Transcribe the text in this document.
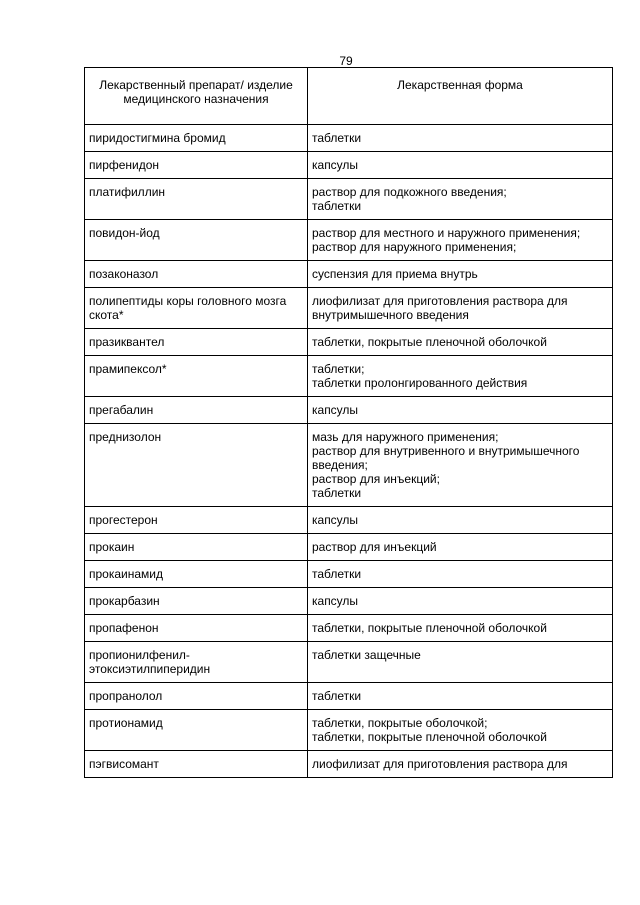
79
Лекарственный препарат/ изделие медицинского назначения	Лекарственная форма
пиридостигмина бромид	таблетки

пирфенидон	капсулы

платифиллин	раствор для подкожного введения;
таблетки

повидон-йод	раствор для местного и наружного применения;
раствор для наружного применения;

позаконазол	суспензия для приема внутрь

полипептиды коры головного мозга скота*	лиофилизат для приготовления раствора для внутримышечного введения

празиквантел	таблетки, покрытые пленочной оболочкой

прамипексол*	таблетки;
таблетки пролонгированного действия

прегабалин	капсулы

преднизолон	мазь для наружного применения;
раствор для внутривенного и внутримышечного введения;
раствор для инъекций;
таблетки

прогестерон	капсулы

прокаин	раствор для инъекций

прокаинамид	таблетки

прокарбазин	капсулы

пропафенон	таблетки, покрытые пленочной оболочкой

пропионилфенил-этоксиэтилпиперидин	таблетки защечные

пропранолол	таблетки

протионамид	таблетки, покрытые оболочкой;
таблетки, покрытые пленочной оболочкой

пэгвисомант	лиофилизат для приготовления раствора для
